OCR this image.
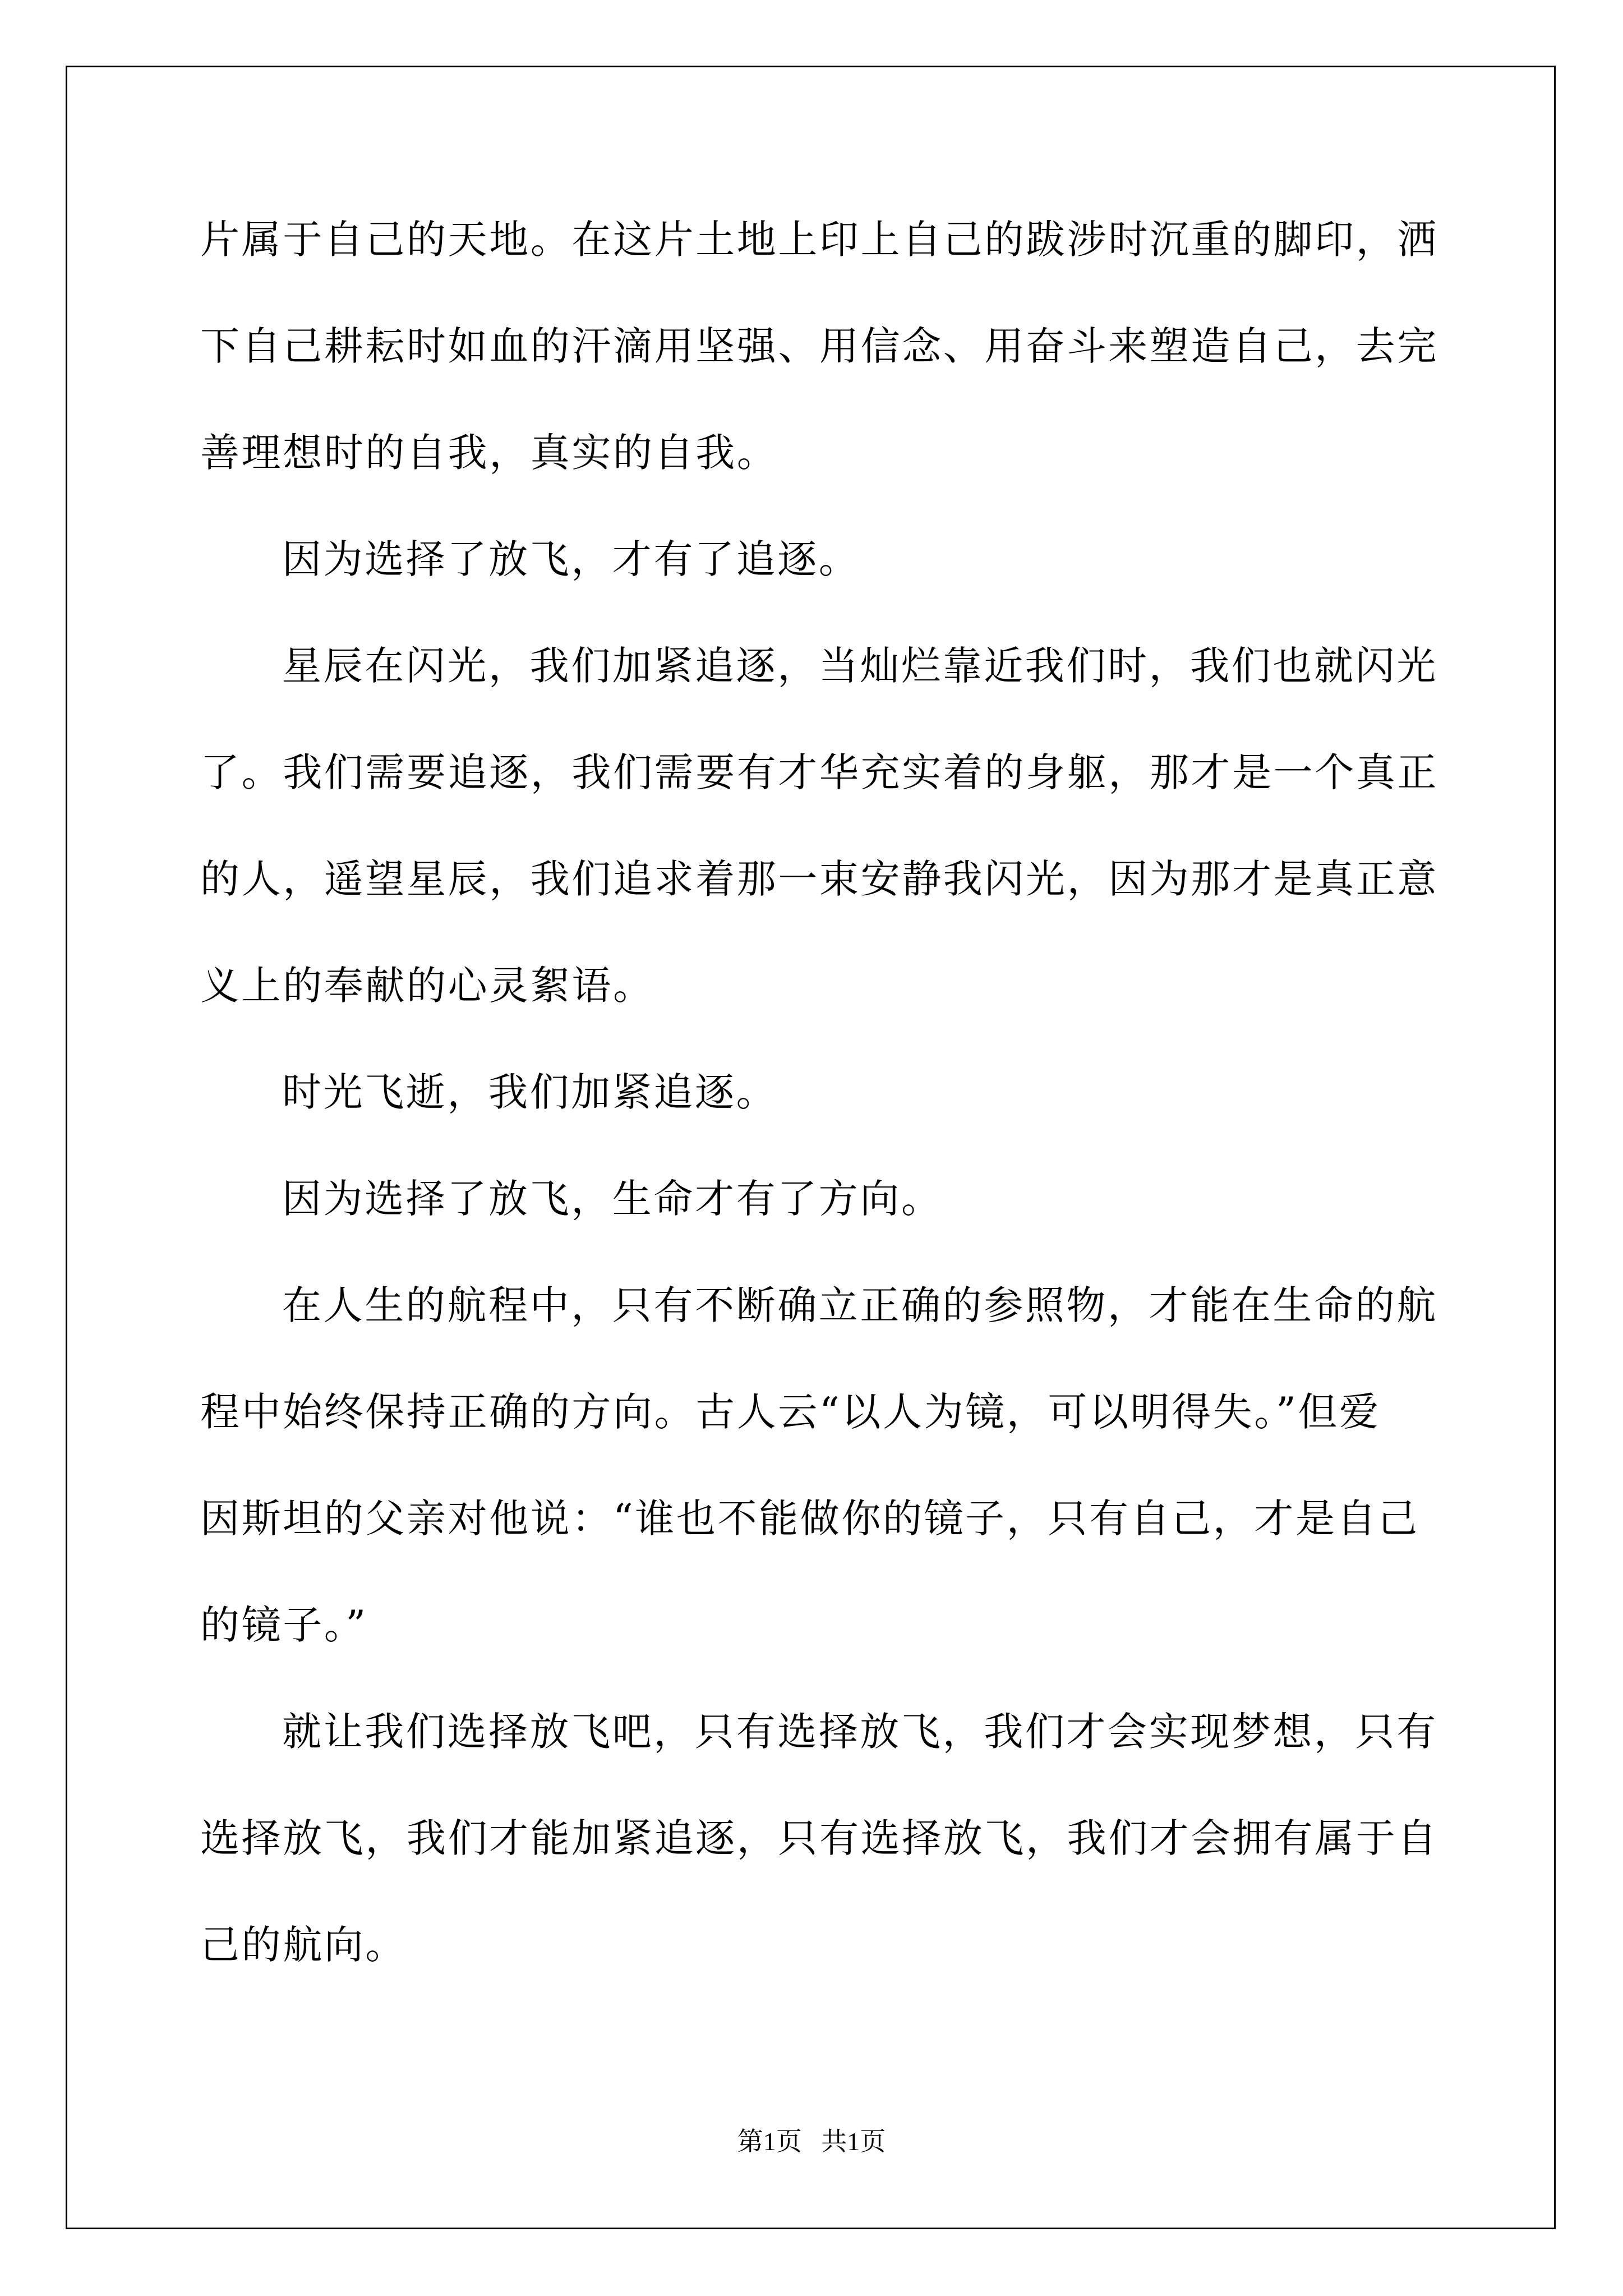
片属于自己的天地。在这片土地上印上自己的跋涉时沉重的脚印，洒
下自己耕耘时如血的汗滴用坚强、用信念、用奋斗来塑造自己，去完
善理想时的自我，真实的自我。
因为选择了放飞，才有了追逐。
星辰在闪光，我们加紧追逐，当灿烂靠近我们时，我们也就闪光
了。我们需要追逐，我们需要有才华充实着的身躯，那才是一个真正
的人，遥望星辰，我们追求着那一束安静我闪光，因为那才是真正意
义上的奉献的心灵絮语。
时光飞逝，我们加紧追逐。
因为选择了放飞，生命才有了方向。
在人生的航程中，只有不断确立正确的参照物，才能在生命的航
程中始终保持正确的方向。古人云“以人为镜，可以明得失。”但爱
因斯坦的父亲对他说：“谁也不能做你的镜子，只有自己，才是自己
的镜子。”
就让我们选择放飞吧，只有选择放飞，我们才会实现梦想，只有
选择放飞，我们才能加紧追逐，只有选择放飞，我们才会拥有属于自
己的航向。
第1页   共1页
